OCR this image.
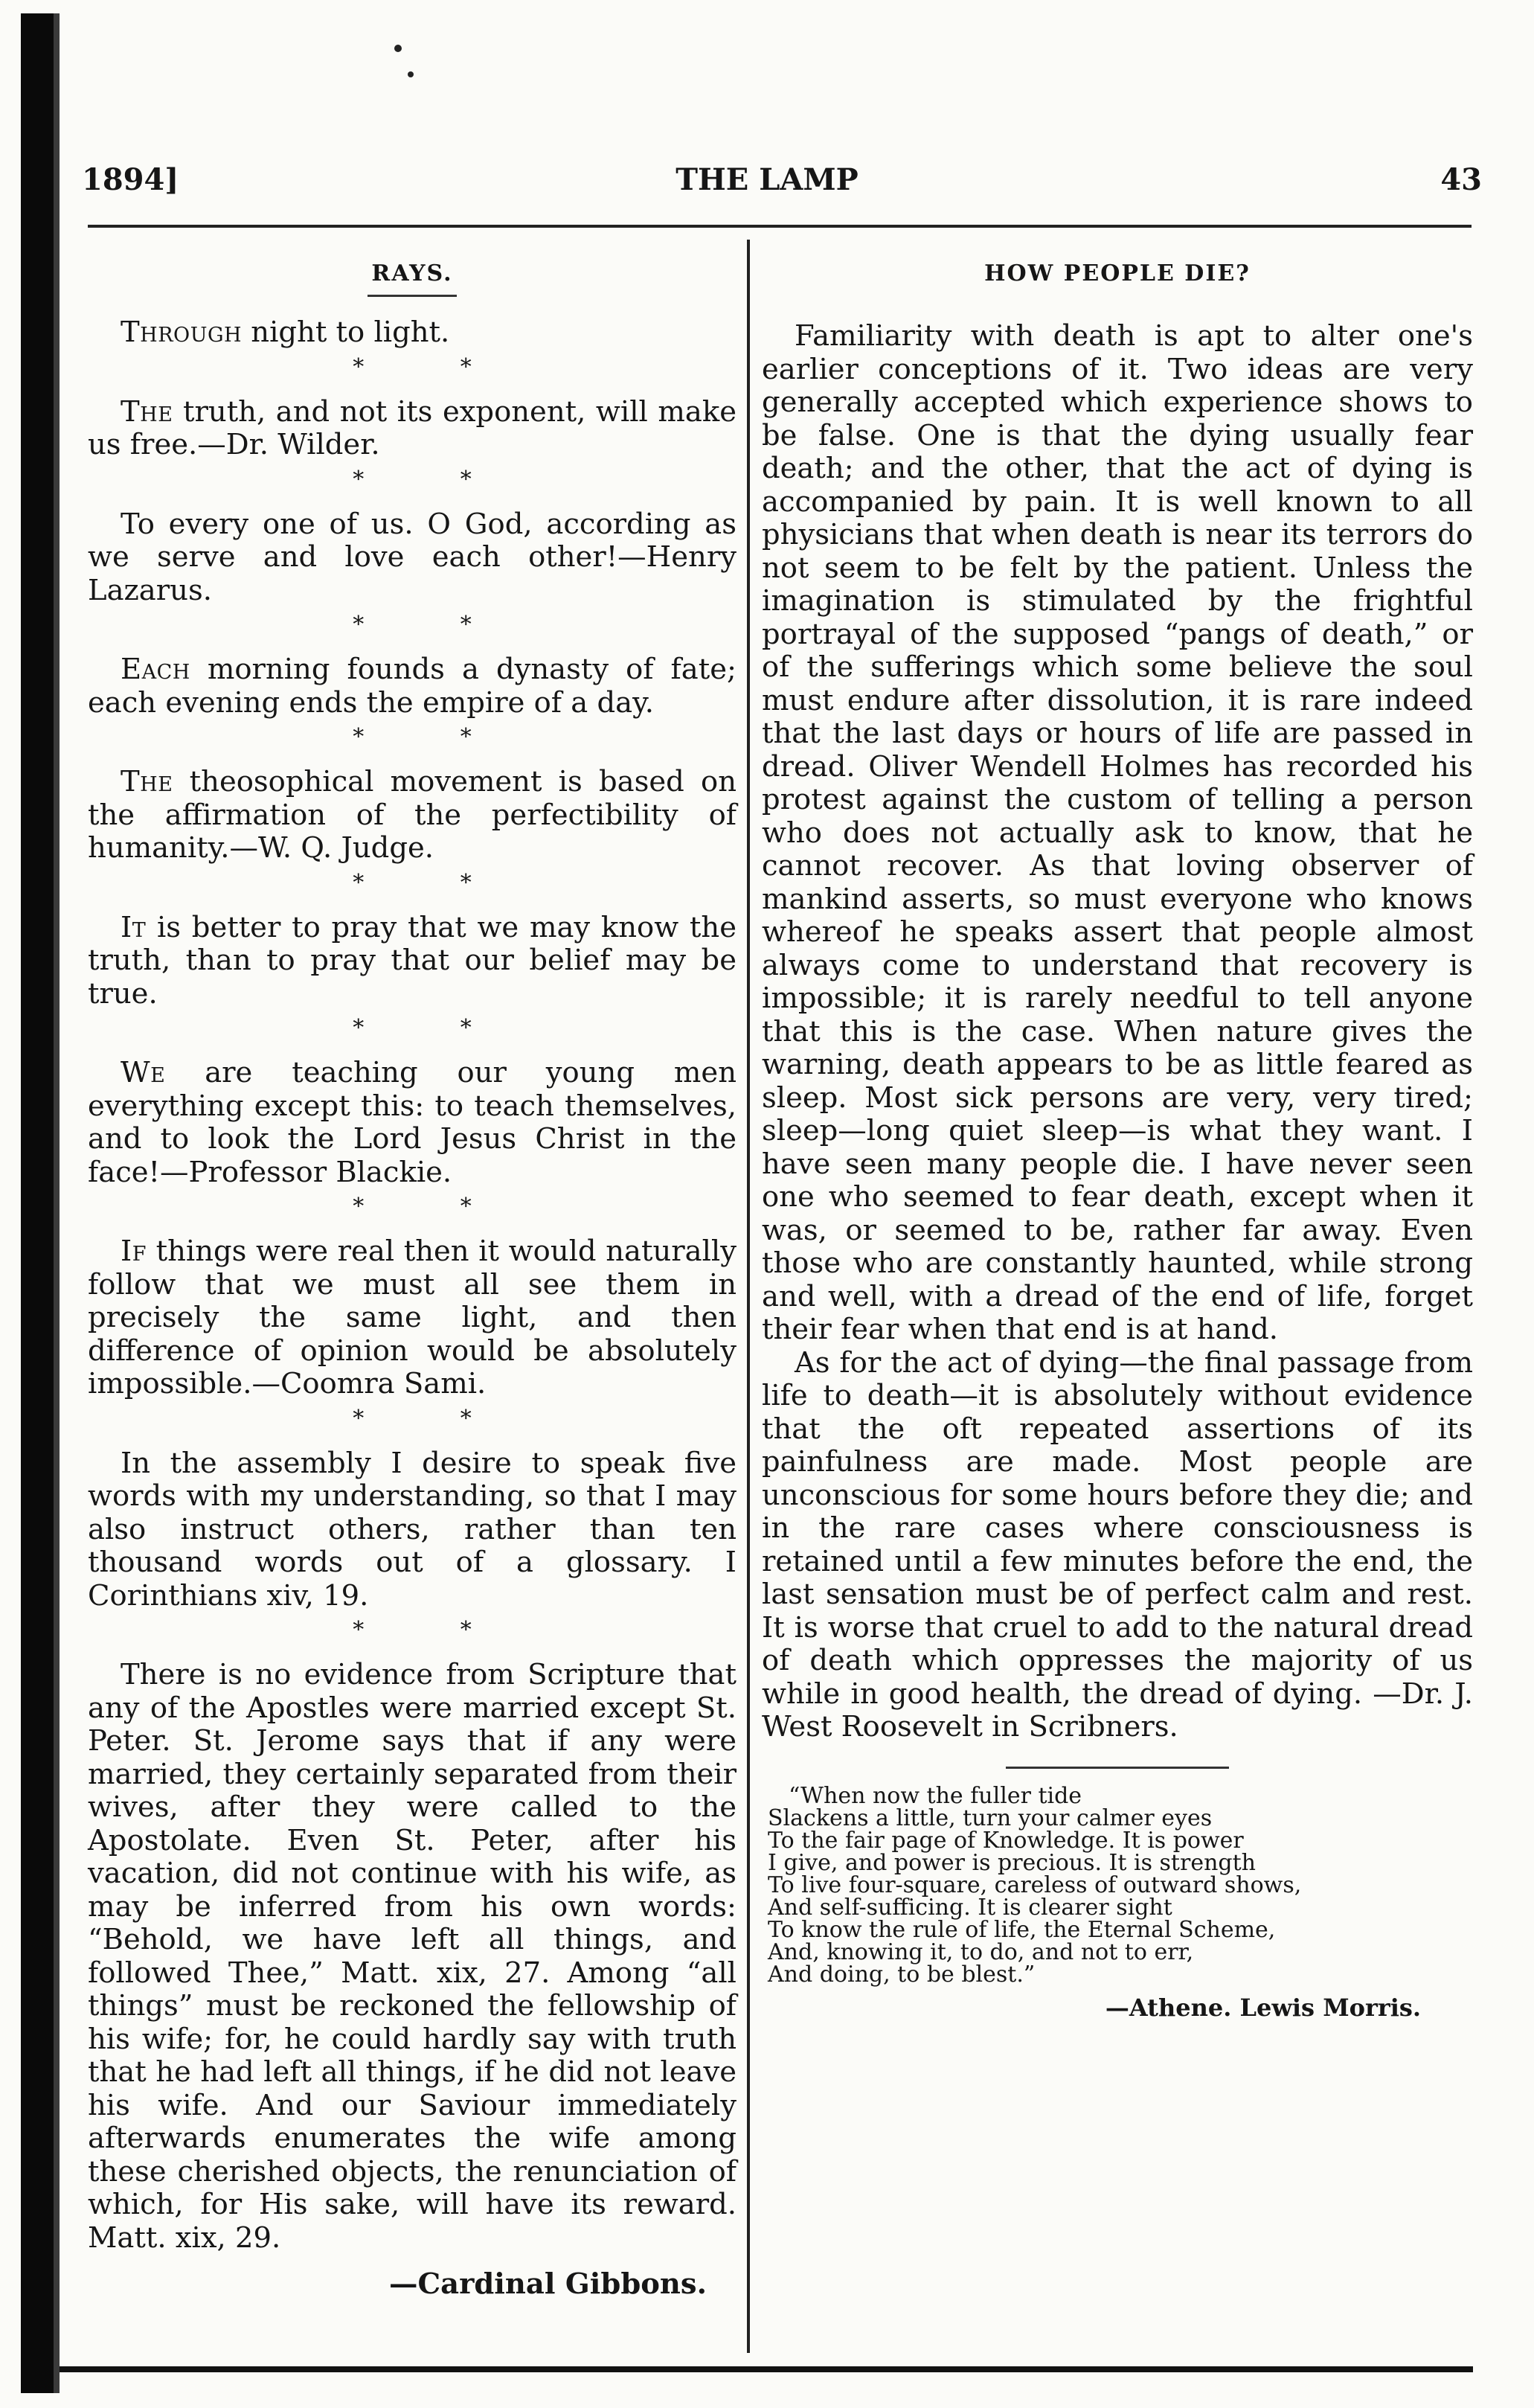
1894]	THE LAMP	43
RAYS.

Through night to light.

* *

The truth, and not its exponent, will make us free.—Dr. Wilder.

* *

To every one of us. O God, according as we serve and love each other!—Henry Lazarus.

* *

Each morning founds a dynasty of fate; each evening ends the empire of a day.

* *

The theosophical movement is based on the affirmation of the perfectibility of humanity.—W. Q. Judge.

* *

It is better to pray that we may know the truth, than to pray that our belief may be true.

* *

We are teaching our young men everything except this: to teach themselves, and to look the Lord Jesus Christ in the face!—Professor Blackie.

* *

If things were real then it would naturally follow that we must all see them in precisely the same light, and then difference of opinion would be absolutely impossible.—Coomra Sami.

* *

In the assembly I desire to speak five words with my understanding, so that I may also instruct others, rather than ten thousand words out of a glossary. I Corinthians xiv, 19.

* *

There is no evidence from Scripture that any of the Apostles were married except St. Peter. St. Jerome says that if any were married, they certainly separated from their wives, after they were called to the Apostolate. Even St. Peter, after his vacation, did not continue with his wife, as may be inferred from his own words: “Behold, we have left all things, and followed Thee,” Matt. xix, 27. Among “all things” must be reckoned the fellowship of his wife; for, he could hardly say with truth that he had left all things, if he did not leave his wife. And our Saviour immediately afterwards enumerates the wife among these cherished objects, the renunciation of which, for His sake, will have its reward. Matt. xix, 29.

—Cardinal Gibbons.
HOW PEOPLE DIE?

Familiarity with death is apt to alter one's earlier conceptions of it. Two ideas are very generally accepted which experience shows to be false. One is that the dying usually fear death; and the other, that the act of dying is accompanied by pain. It is well known to all physicians that when death is near its terrors do not seem to be felt by the patient. Unless the imagination is stimulated by the frightful portrayal of the supposed “pangs of death,” or of the sufferings which some believe the soul must endure after dissolution, it is rare indeed that the last days or hours of life are passed in dread. Oliver Wendell Holmes has recorded his protest against the custom of telling a person who does not actually ask to know, that he cannot recover. As that loving observer of mankind asserts, so must everyone who knows whereof he speaks assert that people almost always come to understand that recovery is impossible; it is rarely needful to tell anyone that this is the case. When nature gives the warning, death appears to be as little feared as sleep. Most sick persons are very, very tired; sleep—long quiet sleep—is what they want. I have seen many people die. I have never seen one who seemed to fear death, except when it was, or seemed to be, rather far away. Even those who are constantly haunted, while strong and well, with a dread of the end of life, forget their fear when that end is at hand.

As for the act of dying—the final passage from life to death—it is absolutely without evidence that the oft repeated assertions of its painfulness are made. Most people are unconscious for some hours before they die; and in the rare cases where consciousness is retained until a few minutes before the end, the last sensation must be of perfect calm and rest. It is worse that cruel to add to the natural dread of death which oppresses the majority of us while in good health, the dread of dying. —Dr. J. West Roosevelt in Scribners.

“When now the fuller tide
Slackens a little, turn your calmer eyes
To the fair page of Knowledge. It is power
I give, and power is precious. It is strength
To live four-square, careless of outward shows,
And self-sufficing. It is clearer sight
To know the rule of life, the Eternal Scheme,
And, knowing it, to do, and not to err,
And doing, to be blest.”
—Athene. Lewis Morris.
